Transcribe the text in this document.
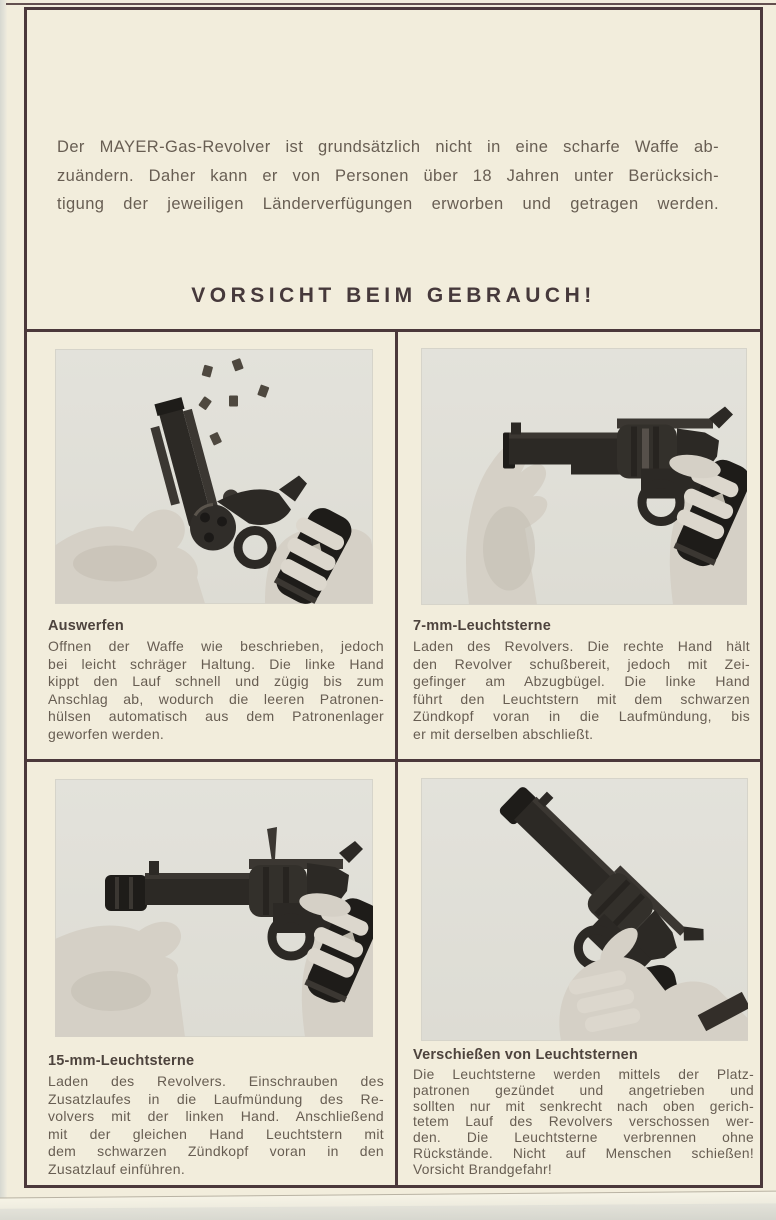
Der MAYER-Gas-Revolver ist grundsätzlich nicht in eine scharfe Waffe ab-
zuändern. Daher kann er von Personen über 18 Jahren unter Berücksich-
tigung der jeweiligen Länderverfügungen erworben und getragen werden.
VORSICHT BEIM GEBRAUCH!
Auswerfen
Offnen der Waffe wie beschrieben, jedoch
bei leicht schräger Haltung. Die linke Hand
kippt den Lauf schnell und zügig bis zum
Anschlag ab, wodurch die leeren Patronen-
hülsen automatisch aus dem Patronenlager
geworfen werden.
7-mm-Leuchtsterne
Laden des Revolvers. Die rechte Hand hält
den Revolver schußbereit, jedoch mit Zei-
gefinger am Abzugbügel. Die linke Hand
führt den Leuchtstern mit dem schwarzen
Zündkopf voran in die Laufmündung, bis
er mit derselben abschließt.
15-mm-Leuchtsterne
Laden des Revolvers. Einschrauben des
Zusatzlaufes in die Laufmündung des Re-
volvers mit der linken Hand. Anschließend
mit der gleichen Hand Leuchtstern mit
dem schwarzen Zündkopf voran in den
Zusatzlauf einführen.
Verschießen von Leuchtsternen
Die Leuchtsterne werden mittels der Platz-
patronen gezündet und angetrieben und
sollten nur mit senkrecht nach oben gerich-
tetem Lauf des Revolvers verschossen wer-
den. Die Leuchtsterne verbrennen ohne
Rückstände. Nicht auf Menschen schießen!
Vorsicht Brandgefahr!
